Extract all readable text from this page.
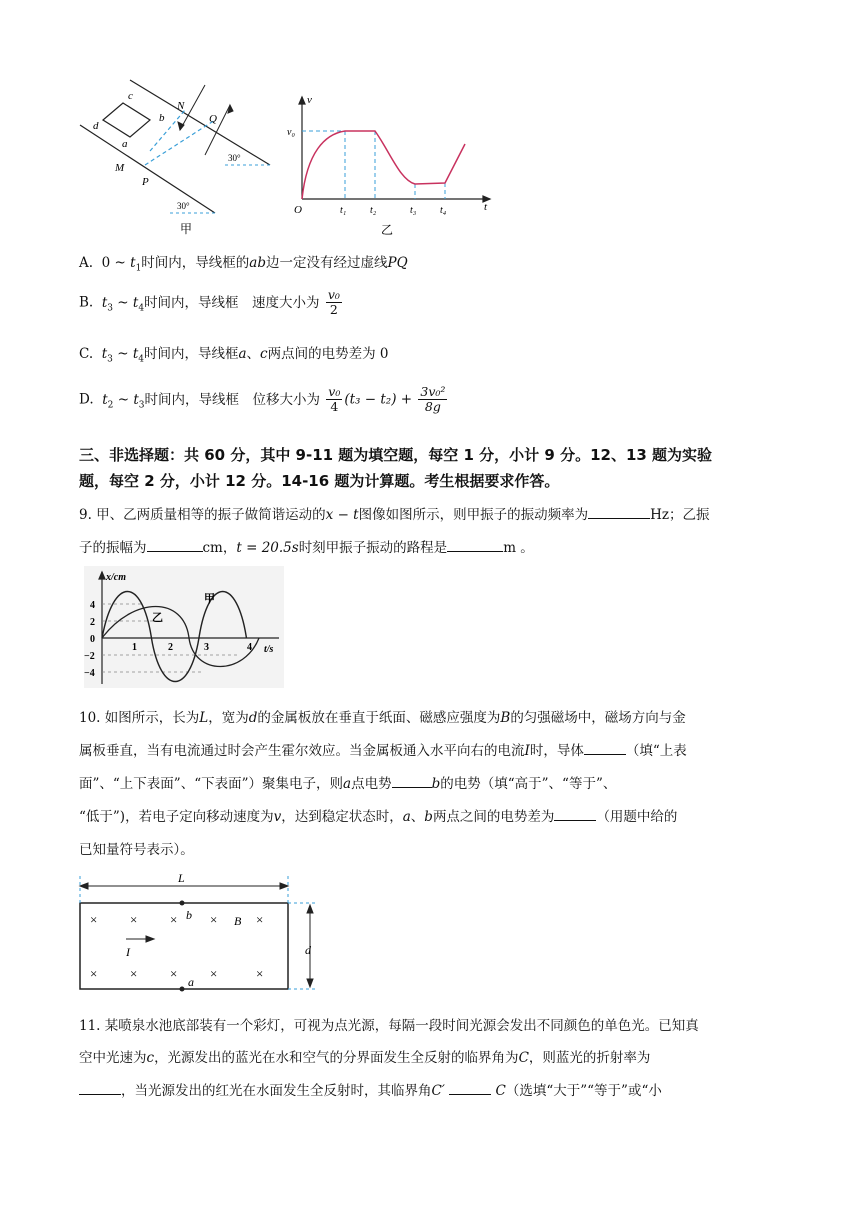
c
d
a
b
N
Q
M
P
30°
30°
甲
v
t
O
v₀
t₁ t₂	t₃ t₄
乙
A. 0 ~ $t_1$时间内，导线框的ab边一定没有经过虚线PQ
B. $t_3$ ~ $t_4$时间内，导线框　速度大小为 $\frac{\text{v₀}}{2}$
C. $t_3$ ~ $t_4$时间内，导线框a、c两点间的电势差为 0
D. $t_2$ ~ $t_3$时间内，导线框　位移大小为 $\frac{\text{v₀}}{4} (t_3 - t_2) + \frac{\text{3v₀²}}{8g}$
三、非选择题：共 60 分，其中 9-11 题为填空题，每空 1 分，小计 9 分。12、13 题为实验
题，每空 2 分，小计 12 分。14-16 题为计算题。考生根据要求作答。
9. 甲、乙两质量相等的振子做简谐运动的x − t图像如图所示，则甲振子的振动频率为	Hz；乙振
子的振幅为	cm，t = 20.5s时刻甲振子振动的路程是	m 。
x/cm
t/s
甲
乙
4
2
0
−2
−4
1	2	3	4
10. 如图所示，长为L，宽为d的金属板放在垂直于纸面、磁感应强度为B的匀强磁场中，磁场方向与金
属板垂直，当有电流通过时会产生霍尔效应。当金属板通入水平向右的电流I时，导体	（填“上表
面”、“上下表面”、“下表面”）聚集电子，则a点电势	b的电势（填“高于”、“等于”、
“低于”)，若电子定向移动速度为v，达到稳定状态时，a、b两点之间的电势差为	（用题中给的
已知量符号表示）。
L
d
b	B
I
a
×	×	×	×	×
×	×	×	×	×
11. 某喷泉水池底部装有一个彩灯，可视为点光源，每隔一段时间光源会发出不同颜色的单色光。已知真
空中光速为c，光源发出的蓝光在水和空气的分界面发生全反射的临界角为C，则蓝光的折射率为
，当光源发出的红光在水面发生全反射时，其临界角C′	C（选填“大于”“等于”或“小
